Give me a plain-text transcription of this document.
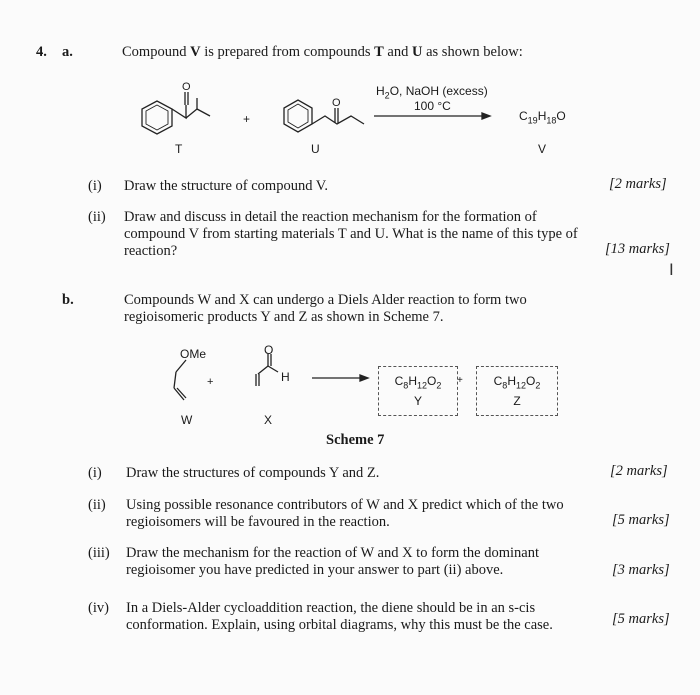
4. a.	Compound V is prepared from compounds T and U as shown below:
O
O
+
T	U
$H_2O$, NaOH (excess)
100 °C
$C_{19}H_{18}O$
V
(i) Draw the structure of compound V.	[2 marks]
(ii) Draw and discuss in detail the reaction mechanism for the formation of
compound V from starting materials T and U. What is the name of this type of
reaction?	[13 marks]
I
b.	Compounds W and X can undergo a Diels Alder reaction to form two
regioisomeric products Y and Z as shown in Scheme 7.
OMe	O
H
+
W	X
$C_8H_{12}O_2$
Y
+	$C_8H_{12}O_2$
Z
Scheme 7
(i) Draw the structures of compounds Y and Z.	[2 marks]
(ii) Using possible resonance contributors of W and X predict which of the two
regioisomers will be favoured in the reaction.	[5 marks]
(iii) Draw the mechanism for the reaction of W and X to form the dominant
regioisomer you have predicted in your answer to part (ii) above.	[3 marks]
(iv) In a Diels-Alder cycloaddition reaction, the diene should be in an s-cis
conformation. Explain, using orbital diagrams, why this must be the case.	[5 marks]
